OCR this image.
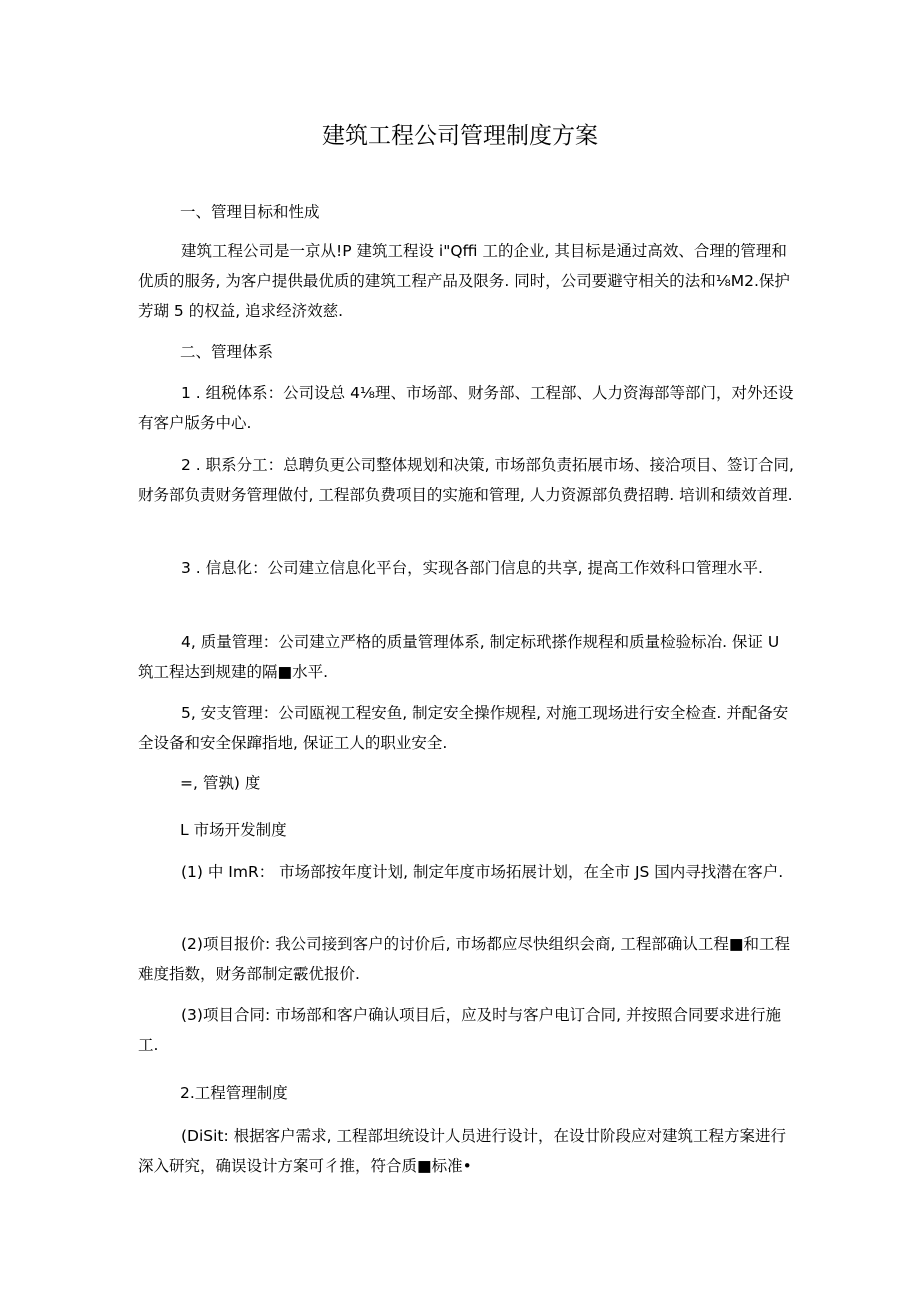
建筑工程公司管理制度方案

一、管理目标和性成

建筑工程公司是一京从!P 建筑工程设 i"Qffi 工的企业, 其目标是通过高效、合理的管理和优质的服务, 为客户提供最优质的建筑工程产品及限务. 同时，公司要避守相关的法和⅛M2.保护芳瑚 5 的权益, 追求经济效慈.

二、管理体系

1 . 组税体系：公司设总 4⅛理、市场部、财务部、工程部、人力资海部等部门，对外还设有客户版务中心.

2 . 职系分工：总聘负更公司整体规划和决策, 市场部负责拓展市场、接洽项目、签订合同, 财务部负责财务管理做付, 工程部负费项目的实施和管理, 人力资源部负费招聘. 培训和绩效首理.

3 . 信息化：公司建立信息化平台，实现各部门信息的共享, 提高工作效科口管理水平.

4, 质量管理：公司建立严格的质量管理体系, 制定标玳搽作规程和质量检验标冶. 保证 U 筑工程达到规建的隔■水平.

5, 安支管理：公司瓯视工程安鱼, 制定安全操作规程, 对施工现场进行安全检查. 并配备安全设备和安全保蹿指地, 保证工人的职业安全.

=, 管孰) 度

L 市场开发制度

(1) 中 ImR： 市场部按年度计划, 制定年度市场拓展计划，在全市 JS 国内寻找潜在客户.

(2)项目报价: 我公司接到客户的讨价后, 市场都应尽快组织会商, 工程部确认工程■和工程难度指数，财务部制定霰优报价.

(3)项目合同: 市场部和客户确认项目后，应及时与客户电订合同, 并按照合同要求进行施工.

2.工程管理制度

(DiSit: 根据客户需求, 工程部坦统设计人员进行设计，在设廿阶段应对建筑工程方案进行深入研究，确误设计方案可彳推，符合质■标准•
